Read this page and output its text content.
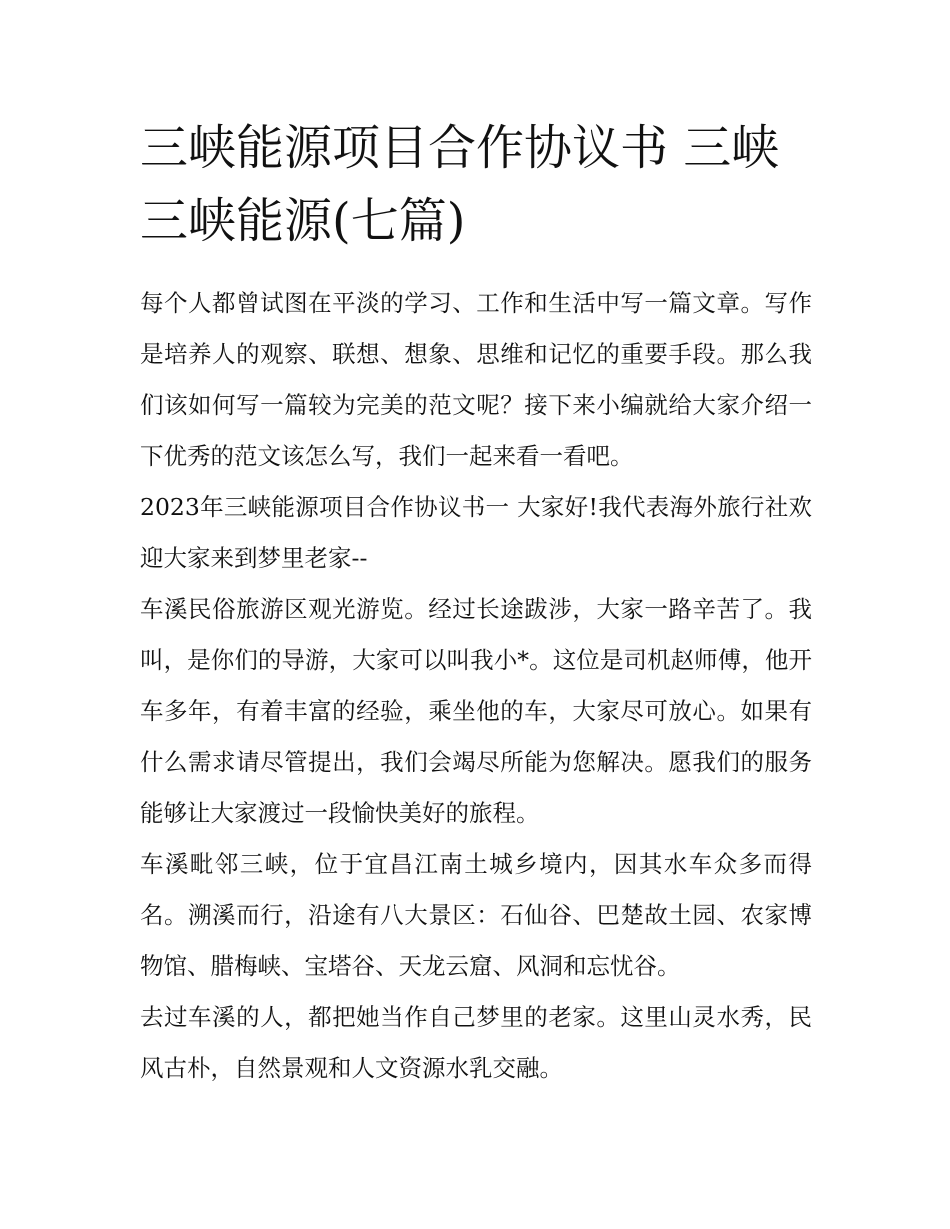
三峡能源项目合作协议书 三峡
三峡能源(七篇)

每个人都曾试图在平淡的学习、工作和生活中写一篇文章。写作是培养人的观察、联想、想象、思维和记忆的重要手段。那么我们该如何写一篇较为完美的范文呢？接下来小编就给大家介绍一下优秀的范文该怎么写，我们一起来看一看吧。

2023年三峡能源项目合作协议书一 大家好!我代表海外旅行社欢迎大家来到梦里老家--

车溪民俗旅游区观光游览。经过长途跋涉，大家一路辛苦了。我叫，是你们的导游，大家可以叫我小*。这位是司机赵师傅，他开车多年，有着丰富的经验，乘坐他的车，大家尽可放心。如果有什么需求请尽管提出，我们会竭尽所能为您解决。愿我们的服务能够让大家渡过一段愉快美好的旅程。

车溪毗邻三峡，位于宜昌江南土城乡境内，因其水车众多而得名。溯溪而行，沿途有八大景区：石仙谷、巴楚故土园、农家博物馆、腊梅峡、宝塔谷、天龙云窟、风洞和忘忧谷。

去过车溪的人，都把她当作自己梦里的老家。这里山灵水秀，民风古朴，自然景观和人文资源水乳交融。
